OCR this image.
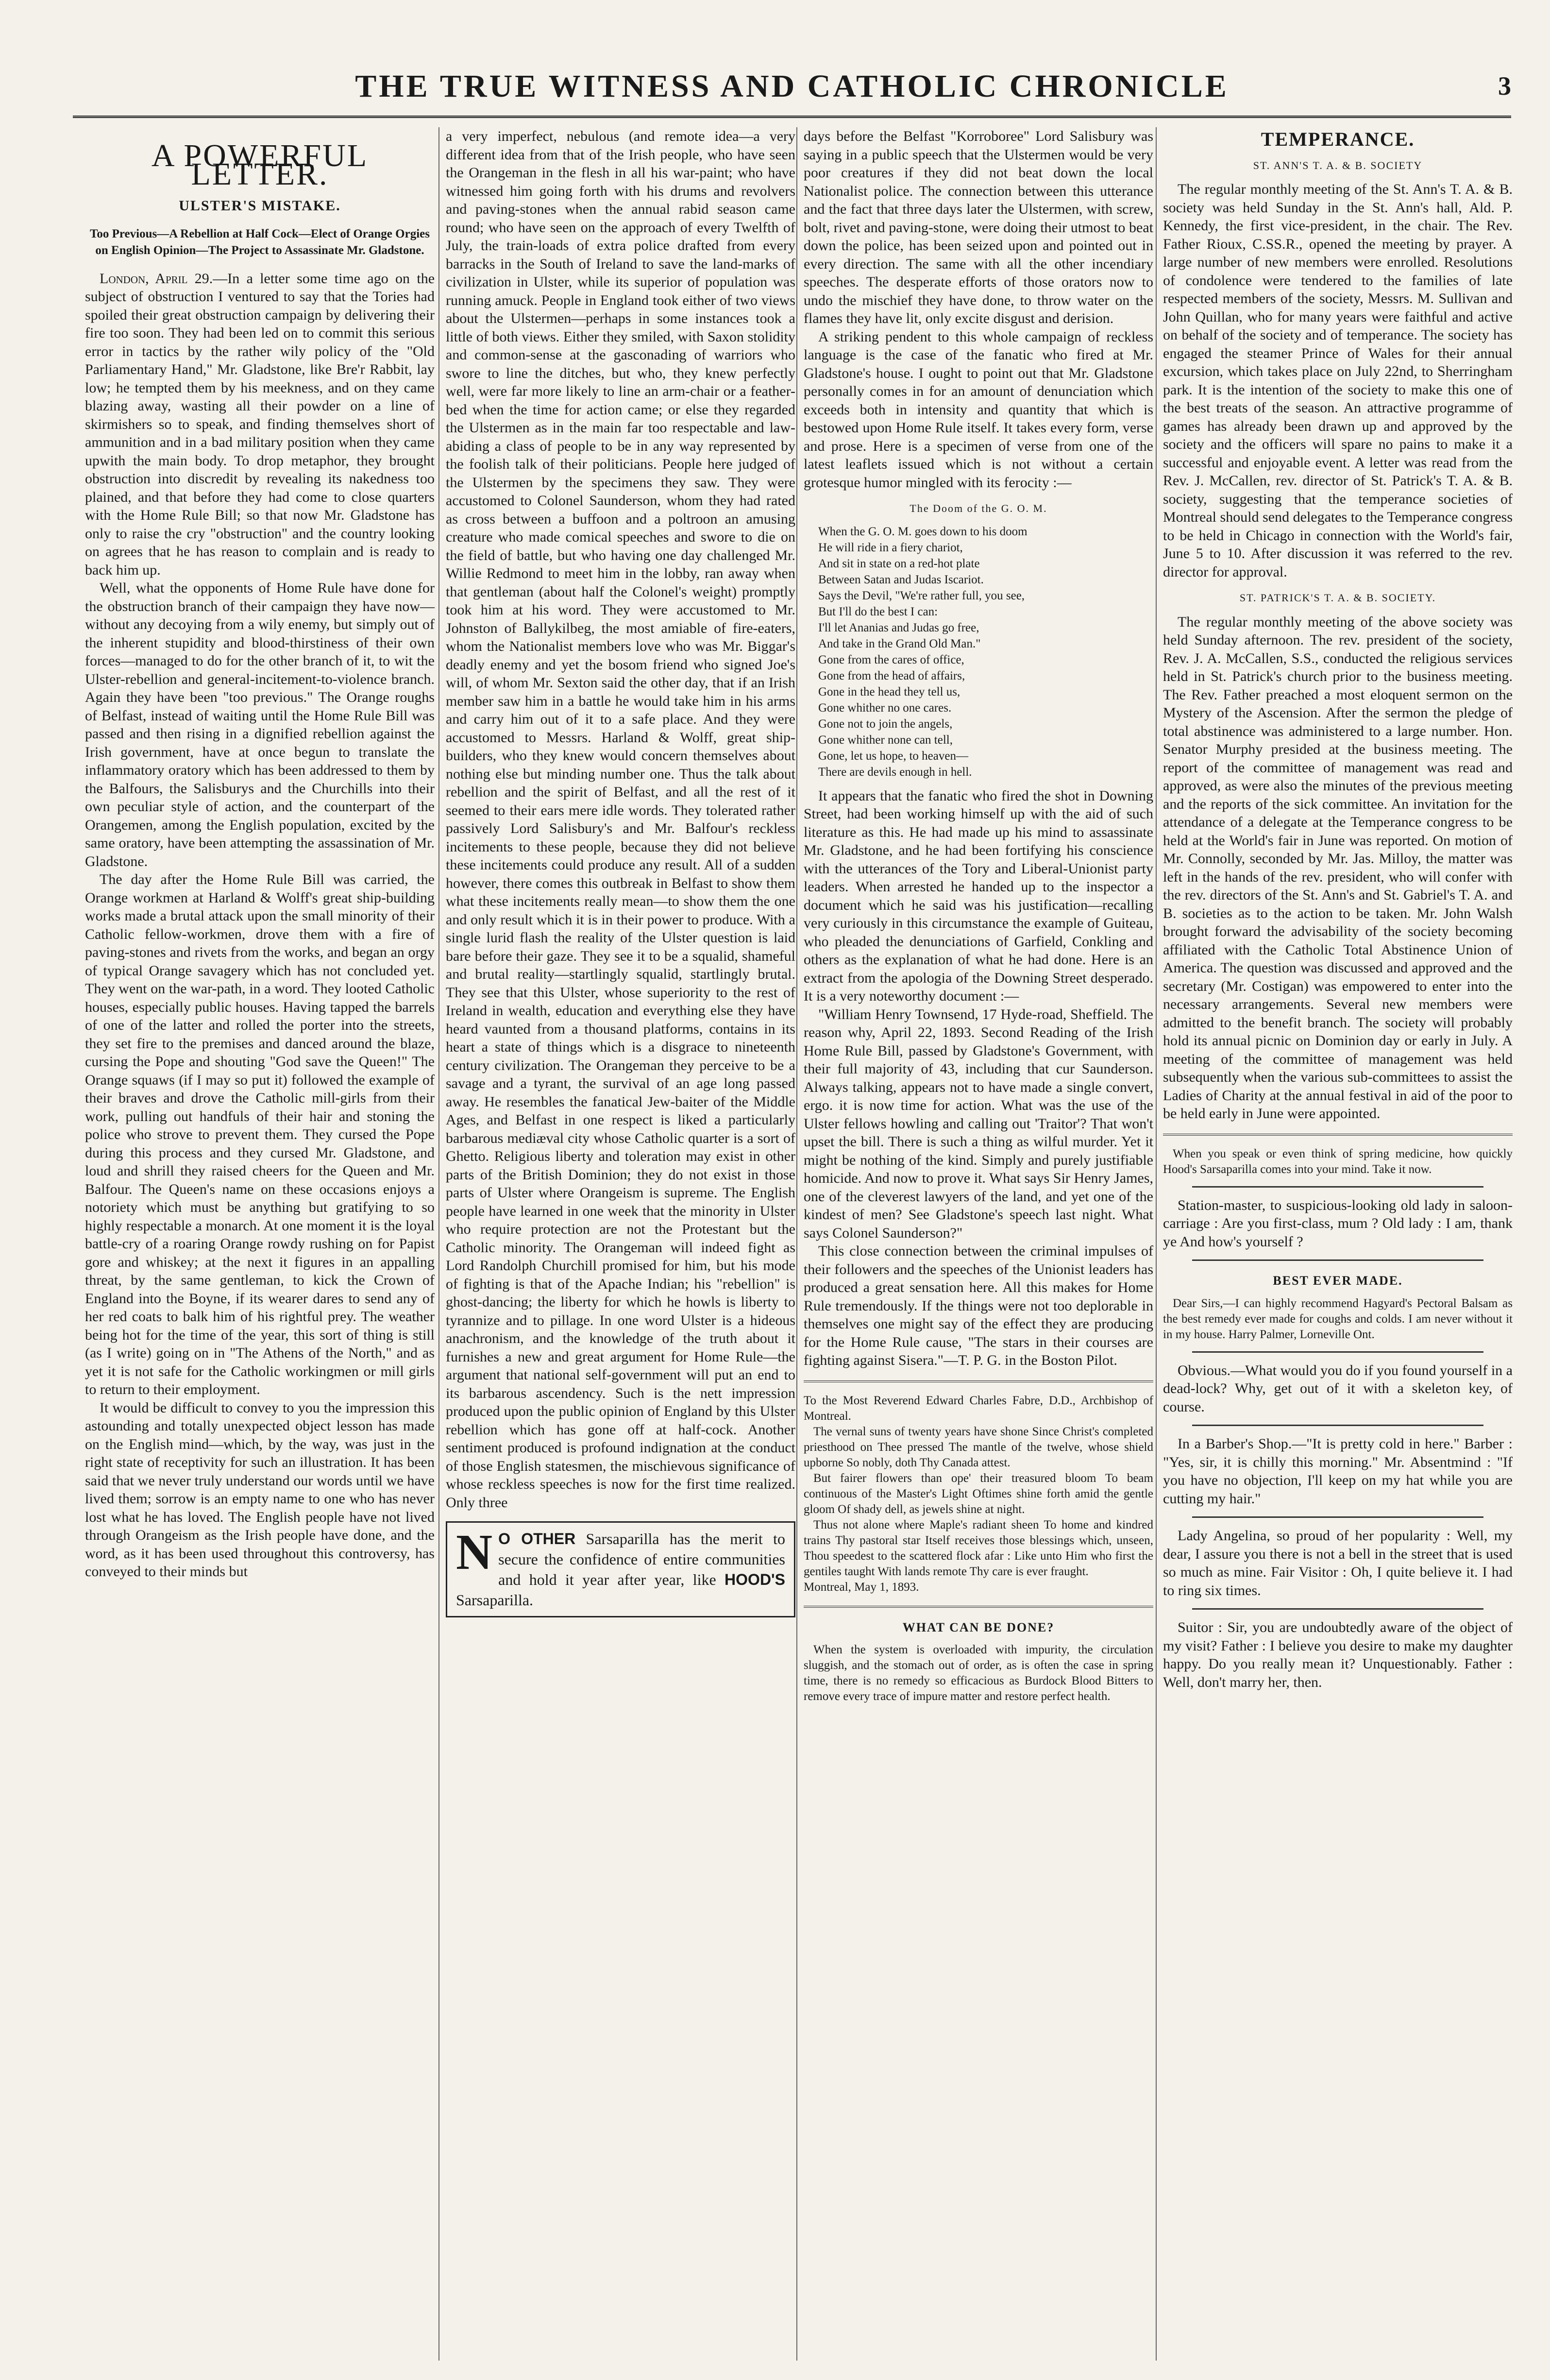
THE TRUE WITNESS AND CATHOLIC CHRONICLE	3
A POWERFUL LETTER.
ULSTER'S MISTAKE.
Too Previous—A Rebellion at Half Cock—Elect of Orange Orgies on English Opinion—The Project to Assassinate Mr. Gladstone.

London, April 29.—In a letter some time ago on the subject of obstruction I ventured to say that the Tories had spoiled their great obstruction campaign by delivering their fire too soon. They had been led on to commit this serious error in tactics by the rather wily policy of the "Old Parliamentary Hand," Mr. Gladstone, like Bre'r Rabbit, lay low; he tempted them by his meekness, and on they came blazing away, wasting all their powder on a line of skirmishers so to speak, and finding themselves short of ammunition and in a bad military position when they came upwith the main body. To drop metaphor, they brought obstruction into discredit by revealing its nakedness too plained, and that before they had come to close quarters with the Home Rule Bill; so that now Mr. Gladstone has only to raise the cry "obstruction" and the country looking on agrees that he has reason to complain and is ready to back him up.

Well, what the opponents of Home Rule have done for the obstruction branch of their campaign they have now—without any decoying from a wily enemy, but simply out of the inherent stupidity and blood-thirstiness of their own forces—managed to do for the other branch of it, to wit the Ulster-rebellion and general-incitement-to-violence branch. Again they have been "too previous." The Orange roughs of Belfast, instead of waiting until the Home Rule Bill was passed and then rising in a dignified rebellion against the Irish government, have at once begun to translate the inflammatory oratory which has been addressed to them by the Balfours, the Salisburys and the Churchills into their own peculiar style of action, and the counterpart of the Orangemen, among the English population, excited by the same oratory, have been attempting the assassination of Mr. Gladstone.

The day after the Home Rule Bill was carried, the Orange workmen at Harland & Wolff's great ship-building works made a brutal attack upon the small minority of their Catholic fellow-workmen, drove them with a fire of paving-stones and rivets from the works, and began an orgy of typical Orange savagery which has not concluded yet. They went on the war-path, in a word. They looted Catholic houses, especially public houses. Having tapped the barrels of one of the latter and rolled the porter into the streets, they set fire to the premises and danced around the blaze, cursing the Pope and shouting "God save the Queen!" The Orange squaws (if I may so put it) followed the example of their braves and drove the Catholic mill-girls from their work, pulling out handfuls of their hair and stoning the police who strove to prevent them. They cursed the Pope during this process and they cursed Mr. Gladstone, and loud and shrill they raised cheers for the Queen and Mr. Balfour. The Queen's name on these occasions enjoys a notoriety which must be anything but gratifying to so highly respectable a monarch. At one moment it is the loyal battle-cry of a roaring Orange rowdy rushing on for Papist gore and whiskey; at the next it figures in an appalling threat, by the same gentleman, to kick the Crown of England into the Boyne, if its wearer dares to send any of her red coats to balk him of his rightful prey. The weather being hot for the time of the year, this sort of thing is still (as I write) going on in "The Athens of the North," and as yet it is not safe for the Catholic workingmen or mill girls to return to their employment.

It would be difficult to convey to you the impression this astounding and totally unexpected object lesson has made on the English mind—which, by the way, was just in the right state of receptivity for such an illustration. It has been said that we never truly understand our words until we have lived them; sorrow is an empty name to one who has never lost what he has loved. The English people have not lived through Orangeism as the Irish people have done, and the word, as it has been used throughout this controversy, has conveyed to their minds but

a very imperfect, nebulous (and remote idea—a very different idea from that of the Irish people, who have seen the Orangeman in the flesh in all his war-paint; who have witnessed him going forth with his drums and revolvers and paving-stones when the annual rabid season came round; who have seen on the approach of every Twelfth of July, the train-loads of extra police drafted from every barracks in the South of Ireland to save the land-marks of civilization in Ulster, while its superior of population was running amuck. People in England took either of two views about the Ulstermen—perhaps in some instances took a little of both views. Either they smiled, with Saxon stolidity and common-sense at the gasconading of warriors who swore to line the ditches, but who, they knew perfectly well, were far more likely to line an arm-chair or a feather-bed when the time for action came; or else they regarded the Ulstermen as in the main far too respectable and law-abiding a class of people to be in any way represented by the foolish talk of their politicians. People here judged of the Ulstermen by the specimens they saw. They were accustomed to Colonel Saunderson, whom they had rated as cross between a buffoon and a poltroon an amusing creature who made comical speeches and swore to die on the field of battle, but who having one day challenged Mr. Willie Redmond to meet him in the lobby, ran away when that gentleman (about half the Colonel's weight) promptly took him at his word. They were accustomed to Mr. Johnston of Ballykilbeg, the most amiable of fire-eaters, whom the Nationalist members love who was Mr. Biggar's deadly enemy and yet the bosom friend who signed Joe's will, of whom Mr. Sexton said the other day, that if an Irish member saw him in a battle he would take him in his arms and carry him out of it to a safe place. And they were accustomed to Messrs. Harland & Wolff, great ship-builders, who they knew would concern themselves about nothing else but minding number one. Thus the talk about rebellion and the spirit of Belfast, and all the rest of it seemed to their ears mere idle words. They tolerated rather passively Lord Salisbury's and Mr. Balfour's reckless incitements to these people, because they did not believe these incitements could produce any result. All of a sudden however, there comes this outbreak in Belfast to show them what these incitements really mean—to show them the one and only result which it is in their power to produce. With a single lurid flash the reality of the Ulster question is laid bare before their gaze. They see it to be a squalid, shameful and brutal reality—startlingly squalid, startlingly brutal. They see that this Ulster, whose superiority to the rest of Ireland in wealth, education and everything else they have heard vaunted from a thousand platforms, contains in its heart a state of things which is a disgrace to nineteenth century civilization. The Orangeman they perceive to be a savage and a tyrant, the survival of an age long passed away. He resembles the fanatical Jew-baiter of the Middle Ages, and Belfast in one respect is liked a particularly barbarous mediæval city whose Catholic quarter is a sort of Ghetto. Religious liberty and toleration may exist in other parts of the British Dominion; they do not exist in those parts of Ulster where Orangeism is supreme. The English people have learned in one week that the minority in Ulster who require protection are not the Protestant but the Catholic minority. The Orangeman will indeed fight as Lord Randolph Churchill promised for him, but his mode of fighting is that of the Apache Indian; his "rebellion" is ghost-dancing; the liberty for which he howls is liberty to tyrannize and to pillage. In one word Ulster is a hideous anachronism, and the knowledge of the truth about it furnishes a new and great argument for Home Rule—the argument that national self-government will put an end to its barbarous ascendency. Such is the nett impression produced upon the public opinion of England by this Ulster rebellion which has gone off at half-cock. Another sentiment produced is profound indignation at the conduct of those English statesmen, the mischievous significance of whose reckless speeches is now for the first time realized. Only three

N O OTHER Sarsaparilla has the merit to secure the confidence of entire communities and hold it year after year, like HOOD'S Sarsaparilla.

days before the Belfast "Korroboree" Lord Salisbury was saying in a public speech that the Ulstermen would be very poor creatures if they did not beat down the local Nationalist police. The connection between this utterance and the fact that three days later the Ulstermen, with screw, bolt, rivet and paving-stone, were doing their utmost to beat down the police, has been seized upon and pointed out in every direction. The same with all the other incendiary speeches. The desperate efforts of those orators now to undo the mischief they have done, to throw water on the flames they have lit, only excite disgust and derision.

A striking pendent to this whole campaign of reckless language is the case of the fanatic who fired at Mr. Gladstone's house. I ought to point out that Mr. Gladstone personally comes in for an amount of denunciation which exceeds both in intensity and quantity that which is bestowed upon Home Rule itself. It takes every form, verse and prose. Here is a specimen of verse from one of the latest leaflets issued which is not without a certain grotesque humor mingled with its ferocity :—

The Doom of the G. O. M.

When the G. O. M. goes down to his doom

He will ride in a fiery chariot,

And sit in state on a red-hot plate

Between Satan and Judas Iscariot.

Says the Devil, "We're rather full, you see,

But I'll do the best I can:

I'll let Ananias and Judas go free,

And take in the Grand Old Man."

Gone from the cares of office,

Gone from the head of affairs,

Gone in the head they tell us,

Gone whither no one cares.

Gone not to join the angels,

Gone whither none can tell,

Gone, let us hope, to heaven—

There are devils enough in hell.

It appears that the fanatic who fired the shot in Downing Street, had been working himself up with the aid of such literature as this. He had made up his mind to assassinate Mr. Gladstone, and he had been fortifying his conscience with the utterances of the Tory and Liberal-Unionist party leaders. When arrested he handed up to the inspector a document which he said was his justification—recalling very curiously in this circumstance the example of Guiteau, who pleaded the denunciations of Garfield, Conkling and others as the explanation of what he had done. Here is an extract from the apologia of the Downing Street desperado. It is a very noteworthy document :—

"William Henry Townsend, 17 Hyde-road, Sheffield. The reason why, April 22, 1893. Second Reading of the Irish Home Rule Bill, passed by Gladstone's Government, with their full majority of 43, including that cur Saunderson. Always talking, appears not to have made a single convert, ergo. it is now time for action. What was the use of the Ulster fellows howling and calling out 'Traitor'? That won't upset the bill. There is such a thing as wilful murder. Yet it might be nothing of the kind. Simply and purely justifiable homicide. And now to prove it. What says Sir Henry James, one of the cleverest lawyers of the land, and yet one of the kindest of men? See Gladstone's speech last night. What says Colonel Saunderson?"

This close connection between the criminal impulses of their followers and the speeches of the Unionist leaders has produced a great sensation here. All this makes for Home Rule tremendously. If the things were not too deplorable in themselves one might say of the effect they are producing for the Home Rule cause, "The stars in their courses are fighting against Sisera."—T. P. G. in the Boston Pilot.

To the Most Reverend Edward Charles Fabre, D.D., Archbishop of Montreal.

The vernal suns of twenty years have shone Since Christ's completed priesthood on Thee pressed The mantle of the twelve, whose shield upborne So nobly, doth Thy Canada attest.

But fairer flowers than ope' their treasured bloom To beam continuous of the Master's Light Oftimes shine forth amid the gentle gloom Of shady dell, as jewels shine at night.

Thus not alone where Maple's radiant sheen To home and kindred trains Thy pastoral star Itself receives those blessings which, unseen, Thou speedest to the scattered flock afar : Like unto Him who first the gentiles taught With lands remote Thy care is ever fraught.

Montreal, May 1, 1893.

WHAT CAN BE DONE?

When the system is overloaded with impurity, the circulation sluggish, and the stomach out of order, as is often the case in spring time, there is no remedy so efficacious as Burdock Blood Bitters to remove every trace of impure matter and restore perfect health.

TEMPERANCE.
ST. ANN'S T. A. & B. SOCIETY

The regular monthly meeting of the St. Ann's T. A. & B. society was held Sunday in the St. Ann's hall, Ald. P. Kennedy, the first vice-president, in the chair. The Rev. Father Rioux, C.SS.R., opened the meeting by prayer. A large number of new members were enrolled. Resolutions of condolence were tendered to the families of late respected members of the society, Messrs. M. Sullivan and John Quillan, who for many years were faithful and active on behalf of the society and of temperance. The society has engaged the steamer Prince of Wales for their annual excursion, which takes place on July 22nd, to Sherringham park. It is the intention of the society to make this one of the best treats of the season. An attractive programme of games has already been drawn up and approved by the society and the officers will spare no pains to make it a successful and enjoyable event. A letter was read from the Rev. J. McCallen, rev. director of St. Patrick's T. A. & B. society, suggesting that the temperance societies of Montreal should send delegates to the Temperance congress to be held in Chicago in connection with the World's fair, June 5 to 10. After discussion it was referred to the rev. director for approval.

ST. PATRICK'S T. A. & B. SOCIETY.

The regular monthly meeting of the above society was held Sunday afternoon. The rev. president of the society, Rev. J. A. McCallen, S.S., conducted the religious services held in St. Patrick's church prior to the business meeting. The Rev. Father preached a most eloquent sermon on the Mystery of the Ascension. After the sermon the pledge of total abstinence was administered to a large number. Hon. Senator Murphy presided at the business meeting. The report of the committee of management was read and approved, as were also the minutes of the previous meeting and the reports of the sick committee. An invitation for the attendance of a delegate at the Temperance congress to be held at the World's fair in June was reported. On motion of Mr. Connolly, seconded by Mr. Jas. Milloy, the matter was left in the hands of the rev. president, who will confer with the rev. directors of the St. Ann's and St. Gabriel's T. A. and B. societies as to the action to be taken. Mr. John Walsh brought forward the advisability of the society becoming affiliated with the Catholic Total Abstinence Union of America. The question was discussed and approved and the secretary (Mr. Costigan) was empowered to enter into the necessary arrangements. Several new members were admitted to the benefit branch. The society will probably hold its annual picnic on Dominion day or early in July. A meeting of the committee of management was held subsequently when the various sub-committees to assist the Ladies of Charity at the annual festival in aid of the poor to be held early in June were appointed.

When you speak or even think of spring medicine, how quickly Hood's Sarsaparilla comes into your mind. Take it now.

Station-master, to suspicious-looking old lady in saloon-carriage : Are you first-class, mum ? Old lady : I am, thank ye And how's yourself ?

BEST EVER MADE.

Dear Sirs,—I can highly recommend Hagyard's Pectoral Balsam as the best remedy ever made for coughs and colds. I am never without it in my house. Harry Palmer, Lorneville Ont.

Obvious.—What would you do if you found yourself in a dead-lock? Why, get out of it with a skeleton key, of course.

In a Barber's Shop.—"It is pretty cold in here." Barber : "Yes, sir, it is chilly this morning." Mr. Absentmind : "If you have no objection, I'll keep on my hat while you are cutting my hair."

Lady Angelina, so proud of her popularity : Well, my dear, I assure you there is not a bell in the street that is used so much as mine. Fair Visitor : Oh, I quite believe it. I had to ring six times.

Suitor : Sir, you are undoubtedly aware of the object of my visit? Father : I believe you desire to make my daughter happy. Do you really mean it? Unquestionably. Father : Well, don't marry her, then.
